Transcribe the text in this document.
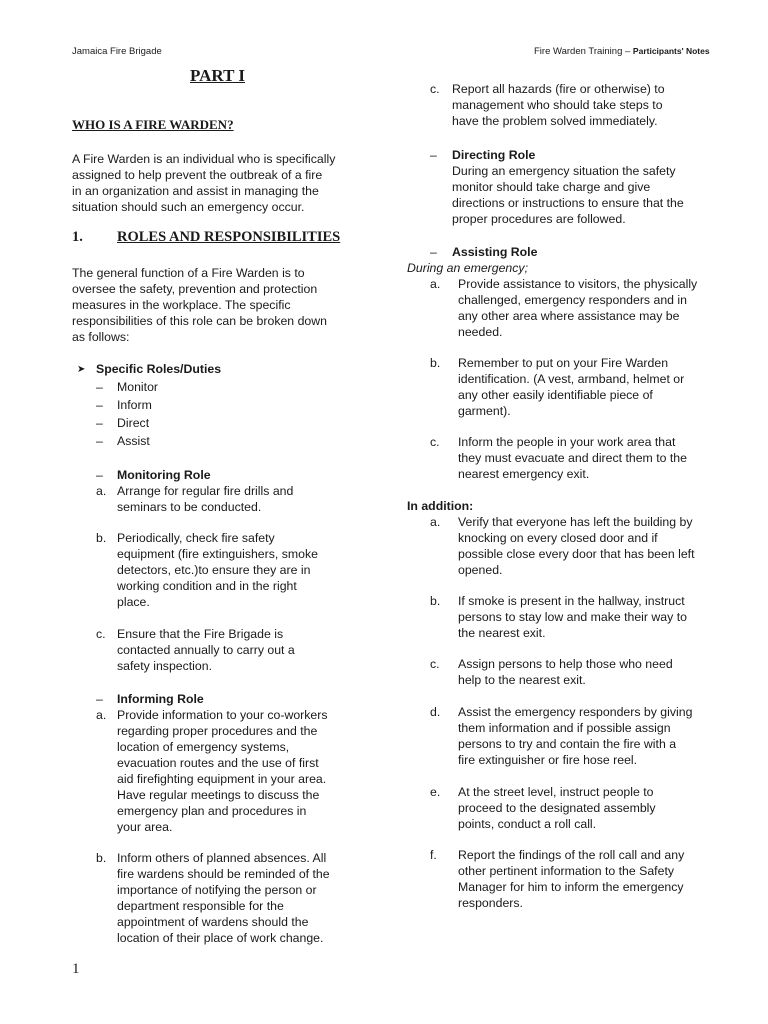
Jamaica Fire Brigade	Fire Warden Training – Participants' Notes
PART I
WHO IS A FIRE WARDEN?
A Fire Warden is an individual who is specifically
assigned to help prevent the outbreak of a fire
in an organization and assist in managing the
situation should such an emergency occur.
1. ROLES AND RESPONSIBILITIES
The general function of a Fire Warden is to
oversee the safety, prevention and protection
measures in the workplace. The specific
responsibilities of this role can be broken down
as follows:
➤ Specific Roles/Duties
– Monitor
– Inform
– Direct
– Assist
– Monitoring Role
a. Arrange for regular fire drills and
seminars to be conducted.
b. Periodically, check fire safety
equipment (fire extinguishers, smoke
detectors, etc.)to ensure they are in
working condition and in the right
place.
c. Ensure that the Fire Brigade is
contacted annually to carry out a
safety inspection.
– Informing Role
a. Provide information to your co-workers
regarding proper procedures and the
location of emergency systems,
evacuation routes and the use of first
aid firefighting equipment in your area.
Have regular meetings to discuss the
emergency plan and procedures in
your area.
b. Inform others of planned absences. All
fire wardens should be reminded of the
importance of notifying the person or
department responsible for the
appointment of wardens should the
location of their place of work change.
1
c. Report all hazards (fire or otherwise) to
management who should take steps to
have the problem solved immediately.
– Directing Role
During an emergency situation the safety
monitor should take charge and give
directions or instructions to ensure that the
proper procedures are followed.
– Assisting Role
During an emergency;
a. Provide assistance to visitors, the physically
challenged, emergency responders and in
any other area where assistance may be
needed.
b. Remember to put on your Fire Warden
identification. (A vest, armband, helmet or
any other easily identifiable piece of
garment).
c. Inform the people in your work area that
they must evacuate and direct them to the
nearest emergency exit.
In addition:
a. Verify that everyone has left the building by
knocking on every closed door and if
possible close every door that has been left
opened.
b. If smoke is present in the hallway, instruct
persons to stay low and make their way to
the nearest exit.
c. Assign persons to help those who need
help to the nearest exit.
d. Assist the emergency responders by giving
them information and if possible assign
persons to try and contain the fire with a
fire extinguisher or fire hose reel.
e. At the street level, instruct people to
proceed to the designated assembly
points, conduct a roll call.
f. Report the findings of the roll call and any
other pertinent information to the Safety
Manager for him to inform the emergency
responders.
